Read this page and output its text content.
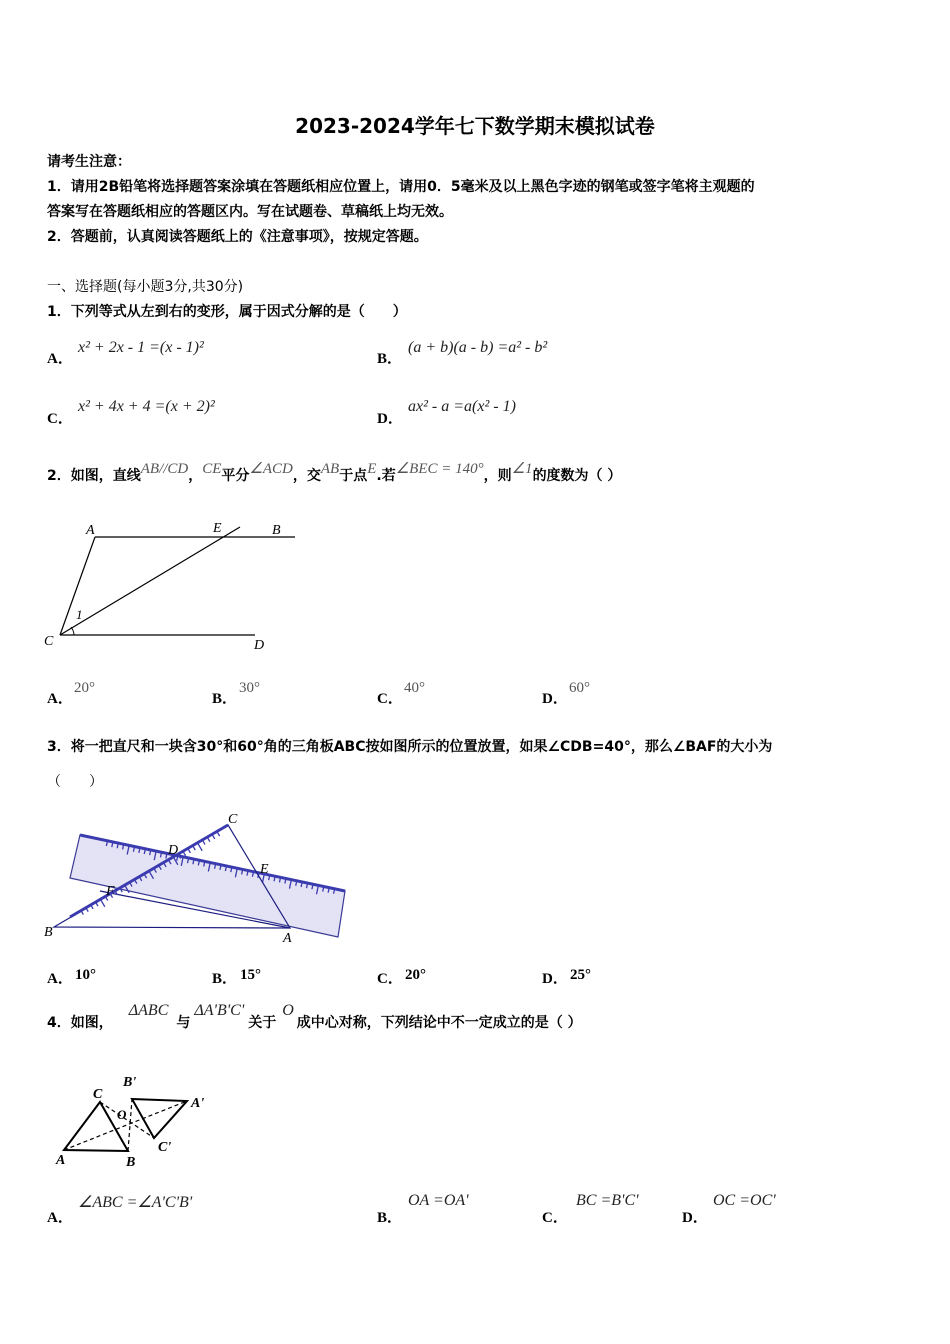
2023-2024学年七下数学期末模拟试卷
请考生注意：
1．请用2B铅笔将选择题答案涂填在答题纸相应位置上，请用0．5毫米及以上黑色字迹的钢笔或签字笔将主观题的
答案写在答题纸相应的答题区内。写在试题卷、草稿纸上均无效。
2．答题前，认真阅读答题纸上的《注意事项》，按规定答题。
一、选择题(每小题3分,共30分)
1．下列等式从左到右的变形，属于因式分解的是（　　）
A．
x² + 2x - 1 =(x - 1)²
B．
(a + b)(a - b) =a² - b²
C．
x² + 4x + 4 =(x + 2)²
D．
ax² - a =a(x² - 1)
2．如图，直线AB//CD，CE平分∠ACD，交AB于点E.若∠BEC = 140°，则∠1的度数为（ ）
A	E	B
C	D
1
A．
20°
B．
30°
C．
40°
D．
60°
3．将一把直尺和一块含30°和60°角的三角板ABC按如图所示的位置放置，如果∠CDB=40°，那么∠BAF的大小为
（　　）
C
D
E
F
B	A
A． 10°	B． 15°	C． 20°	D． 25°
4．如图，ΔABC与ΔA'B'C'关于O成中心对称，下列结论中不一定成立的是（ ）
C
B'
A'
O
A	B
C'
A．
∠ABC =∠A'C'B'
B．
OA =OA'
C．
BC =B'C'
D．
OC =OC'
